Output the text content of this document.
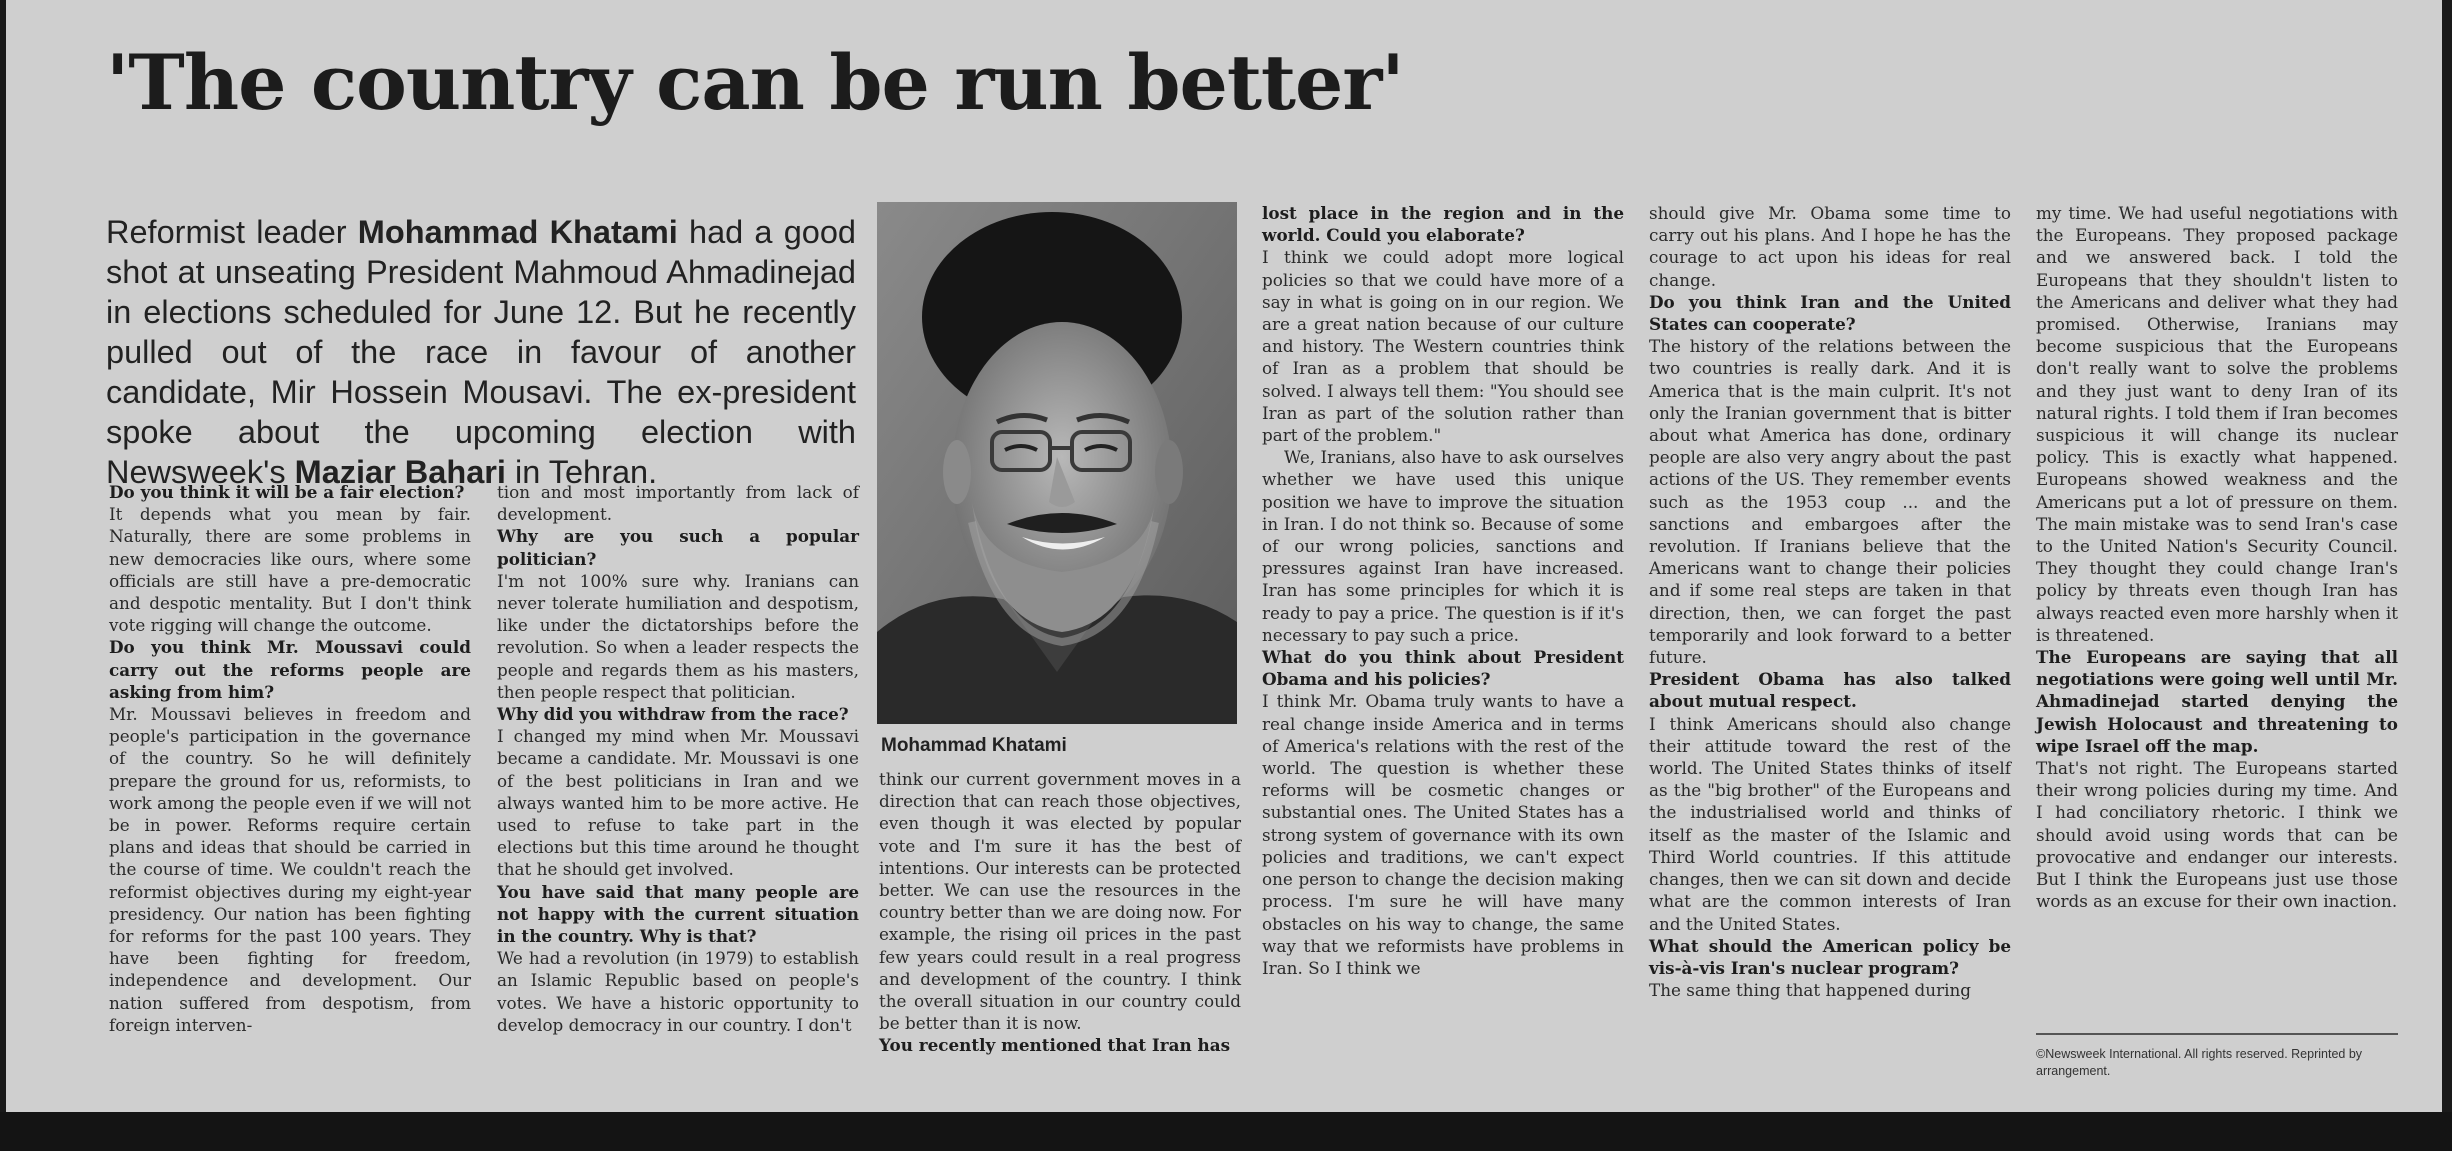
'The country can be run better'

Reformist leader Mohammad Khatami had a good shot at unseating President Mahmoud Ahmadinejad in elections scheduled for June 12. But he recently pulled out of the race in favour of another candidate, Mir Hossein Mousavi. The ex-president spoke about the upcoming election with Newsweek's Maziar Bahari in Tehran.

Mohammad Khatami

Do you think it will be a fair election?

It depends what you mean by fair. Naturally, there are some problems in new democracies like ours, where some officials are still have a pre-democratic and despotic mentality. But I don't think vote rigging will change the outcome.

Do you think Mr. Moussavi could carry out the reforms people are asking from him?

Mr. Moussavi believes in freedom and people's participation in the governance of the country. So he will definitely prepare the ground for us, reformists, to work among the people even if we will not be in power. Reforms require certain plans and ideas that should be carried in the course of time. We couldn't reach the reformist objectives during my eight-year presidency. Our nation has been fighting for reforms for the past 100 years. They have been fighting for freedom, independence and development. Our nation suffered from despotism, from foreign interven-

tion and most importantly from lack of development.

Why are you such a popular politician?

I'm not 100% sure why. Iranians can never tolerate humiliation and despotism, like under the dictatorships before the revolution. So when a leader respects the people and regards them as his masters, then people respect that politician.

Why did you withdraw from the race?

I changed my mind when Mr. Moussavi became a candidate. Mr. Moussavi is one of the best politicians in Iran and we always wanted him to be more active. He used to refuse to take part in the elections but this time around he thought that he should get involved.

You have said that many people are not happy with the current situation in the country. Why is that?

We had a revolution (in 1979) to establish an Islamic Republic based on people's votes. We have a historic opportunity to develop democracy in our country. I don't

think our current government moves in a direction that can reach those objectives, even though it was elected by popular vote and I'm sure it has the best of intentions. Our interests can be protected better. We can use the resources in the country better than we are doing now. For example, the rising oil prices in the past few years could result in a real progress and development of the country. I think the overall situation in our country could be better than it is now.

You recently mentioned that Iran has

lost place in the region and in the world. Could you elaborate?

I think we could adopt more logical policies so that we could have more of a say in what is going on in our region. We are a great nation because of our culture and history. The Western countries think of Iran as a problem that should be solved. I always tell them: "You should see Iran as part of the solution rather than part of the problem."

We, Iranians, also have to ask ourselves whether we have used this unique position we have to improve the situation in Iran. I do not think so. Because of some of our wrong policies, sanctions and pressures against Iran have increased. Iran has some principles for which it is ready to pay a price. The question is if it's necessary to pay such a price.

What do you think about President Obama and his policies?

I think Mr. Obama truly wants to have a real change inside America and in terms of America's relations with the rest of the world. The question is whether these reforms will be cosmetic changes or substantial ones. The United States has a strong system of governance with its own policies and traditions, we can't expect one person to change the decision making process. I'm sure he will have many obstacles on his way to change, the same way that we reformists have problems in Iran. So I think we

should give Mr. Obama some time to carry out his plans. And I hope he has the courage to act upon his ideas for real change.

Do you think Iran and the United States can cooperate?

The history of the relations between the two countries is really dark. And it is America that is the main culprit. It's not only the Iranian government that is bitter about what America has done, ordinary people are also very angry about the past actions of the US. They remember events such as the 1953 coup ... and the sanctions and embargoes after the revolution. If Iranians believe that the Americans want to change their policies and if some real steps are taken in that direction, then, we can forget the past temporarily and look forward to a better future.

President Obama has also talked about mutual respect.

I think Americans should also change their attitude toward the rest of the world. The United States thinks of itself as the "big brother" of the Europeans and the industrialised world and thinks of itself as the master of the Islamic and Third World countries. If this attitude changes, then we can sit down and decide what are the common interests of Iran and the United States.

What should the American policy be vis-à-vis Iran's nuclear program?

The same thing that happened during

my time. We had useful negotiations with the Europeans. They proposed package and we answered back. I told the Europeans that they shouldn't listen to the Americans and deliver what they had promised. Otherwise, Iranians may become suspicious that the Europeans don't really want to solve the problems and they just want to deny Iran of its natural rights. I told them if Iran becomes suspicious it will change its nuclear policy. This is exactly what happened. Europeans showed weakness and the Americans put a lot of pressure on them. The main mistake was to send Iran's case to the United Nation's Security Council. They thought they could change Iran's policy by threats even though Iran has always reacted even more harshly when it is threatened.

The Europeans are saying that all negotiations were going well until Mr. Ahmadinejad started denying the Jewish Holocaust and threatening to wipe Israel off the map.

That's not right. The Europeans started their wrong policies during my time. And I had conciliatory rhetoric. I think we should avoid using words that can be provocative and endanger our interests. But I think the Europeans just use those words as an excuse for their own inaction.

©Newsweek International. All rights reserved. Reprinted by arrangement.
